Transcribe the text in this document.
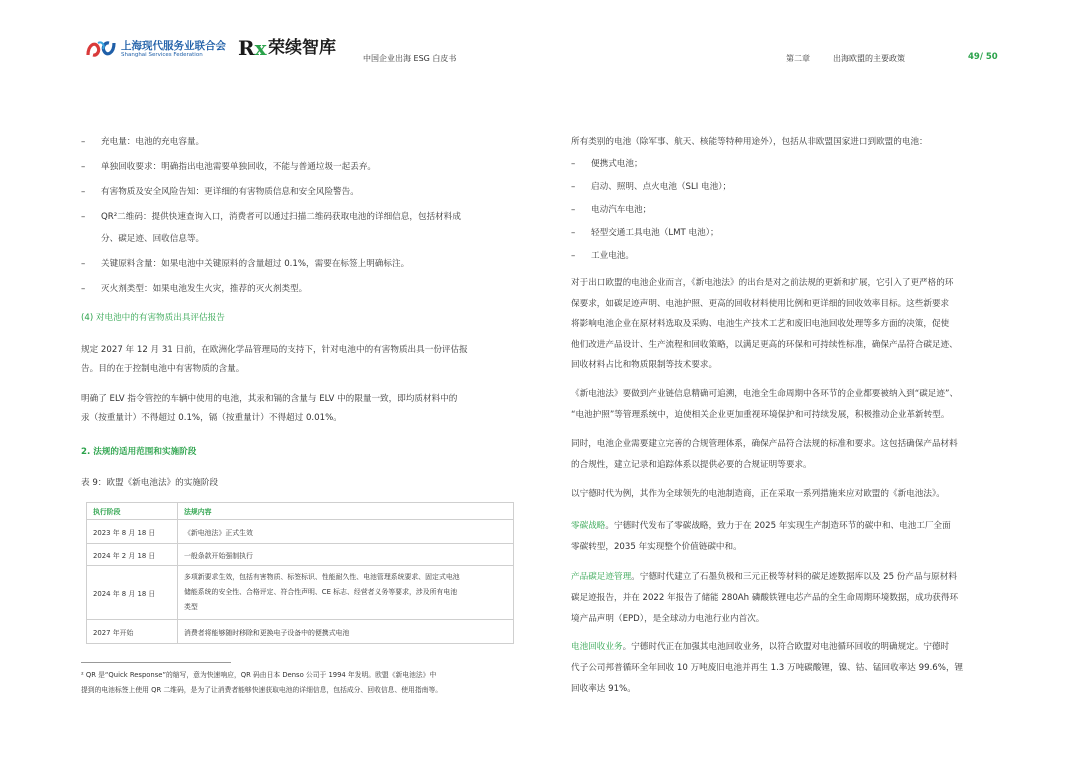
上海现代服务业联合会
Shanghai Services Federation Rx 荣续智库
中国企业出海 ESG 白皮书	第二章	出海欧盟的主要政策	49/ 50
– 充电量：电池的充电容量。
– 单独回收要求：明确指出电池需要单独回收，不能与普通垃圾一起丢弃。
– 有害物质及安全风险告知：更详细的有害物质信息和安全风险警告。
– QR²二维码：提供快速查询入口，消费者可以通过扫描二维码获取电池的详细信息，包括材料成
分、碳足迹、回收信息等。
– 关键原料含量：如果电池中关键原料的含量超过 0.1%，需要在标签上明确标注。
– 灭火剂类型：如果电池发生火灾，推荐的灭火剂类型。
(4) 对电池中的有害物质出具评估报告
规定 2027 年 12 月 31 日前，在欧洲化学品管理局的支持下，针对电池中的有害物质出具一份评估报
告。目的在于控制电池中有害物质的含量。
明确了 ELV 指令管控的车辆中使用的电池，其汞和镉的含量与 ELV 中的限量一致，即均质材料中的
汞（按重量计）不得超过 0.1%，镉（按重量计）不得超过 0.01%。
2. 法规的适用范围和实施阶段
表 9：欧盟《新电池法》的实施阶段
执行阶段	法规内容
2023 年 8 月 18 日	《新电池法》正式生效
2024 年 2 月 18 日	一般条款开始强制执行
2024 年 8 月 18 日	多项新要求生效，包括有害物质、标签标识、性能耐久性、电池管理系统要求、固定式电池
储能系统的安全性、合格评定、符合性声明、CE 标志、经营者义务等要求，涉及所有电池
类型

2027 年开始	消费者将能够随时移除和更换电子设备中的便携式电池
² QR 是“Quick Response”的缩写，意为快速响应，QR 码由日本 Denso 公司于 1994 年发明。欧盟《新电池法》中
提到的电池标签上使用 QR 二维码，是为了让消费者能够快速获取电池的详细信息，包括成分、回收信息、使用指南等。
所有类别的电池（除军事、航天、核能等特种用途外），包括从非欧盟国家进口到欧盟的电池：
– 便携式电池；
– 启动、照明、点火电池（SLI 电池）；
– 电动汽车电池；
– 轻型交通工具电池（LMT 电池）；
– 工业电池。
对于出口欧盟的电池企业而言，《新电池法》的出台是对之前法规的更新和扩展，它引入了更严格的环
保要求，如碳足迹声明、电池护照、更高的回收材料使用比例和更详细的回收效率目标。这些新要求
将影响电池企业在原材料选取及采购、电池生产技术工艺和废旧电池回收处理等多方面的决策，促使
他们改进产品设计、生产流程和回收策略，以满足更高的环保和可持续性标准，确保产品符合碳足迹、
回收材料占比和物质限制等技术要求。
《新电池法》要做到产业链信息精确可追溯，电池全生命周期中各环节的企业都要被纳入到“碳足迹”、
“电池护照”等管理系统中，迫使相关企业更加重视环境保护和可持续发展，积极推动企业革新转型。
同时，电池企业需要建立完善的合规管理体系，确保产品符合法规的标准和要求。这包括确保产品材料
的合规性，建立记录和追踪体系以提供必要的合规证明等要求。
以宁德时代为例，其作为全球领先的电池制造商，正在采取一系列措施来应对欧盟的《新电池法》。
零碳战略。宁德时代发布了零碳战略，致力于在 2025 年实现生产制造环节的碳中和、电池工厂全面
零碳转型，2035 年实现整个价值链碳中和。
产品碳足迹管理。宁德时代建立了石墨负极和三元正极等材料的碳足迹数据库以及 25 份产品与原材料
碳足迹报告，并在 2022 年报告了储能 280Ah 磷酸铁锂电芯产品的全生命周期环境数据，成功获得环
境产品声明（EPD），是全球动力电池行业内首次。
电池回收业务。宁德时代正在加强其电池回收业务，以符合欧盟对电池循环回收的明确规定。宁德时
代子公司邦普循环全年回收 10 万吨废旧电池并再生 1.3 万吨碳酸锂，镍、钴、锰回收率达 99.6%，锂
回收率达 91%。
